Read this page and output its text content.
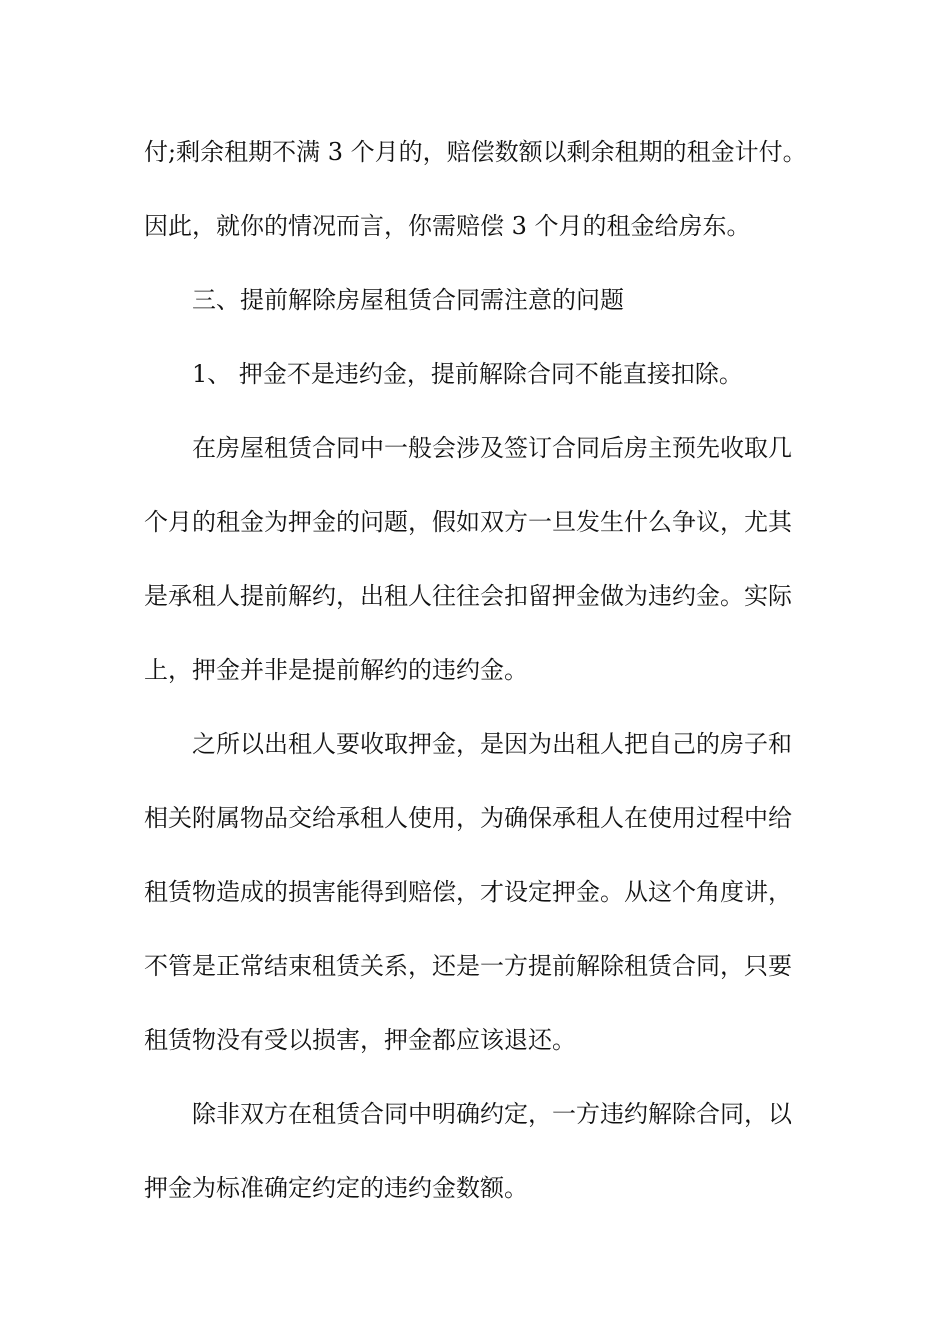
付;剩余租期不满 3 个月的，赔偿数额以剩余租期的租金计付。
因此，就你的情况而言，你需赔偿 3 个月的租金给房东。
三、提前解除房屋租赁合同需注意的问题
1、 押金不是违约金，提前解除合同不能直接扣除。
在房屋租赁合同中一般会涉及签订合同后房主预先收取几
个月的租金为押金的问题，假如双方一旦发生什么争议，尤其
是承租人提前解约，出租人往往会扣留押金做为违约金。实际
上，押金并非是提前解约的违约金。
之所以出租人要收取押金，是因为出租人把自己的房子和
相关附属物品交给承租人使用，为确保承租人在使用过程中给
租赁物造成的损害能得到赔偿，才设定押金。从这个角度讲，
不管是正常结束租赁关系，还是一方提前解除租赁合同，只要
租赁物没有受以损害，押金都应该退还。
除非双方在租赁合同中明确约定，一方违约解除合同，以
押金为标准确定约定的违约金数额。
